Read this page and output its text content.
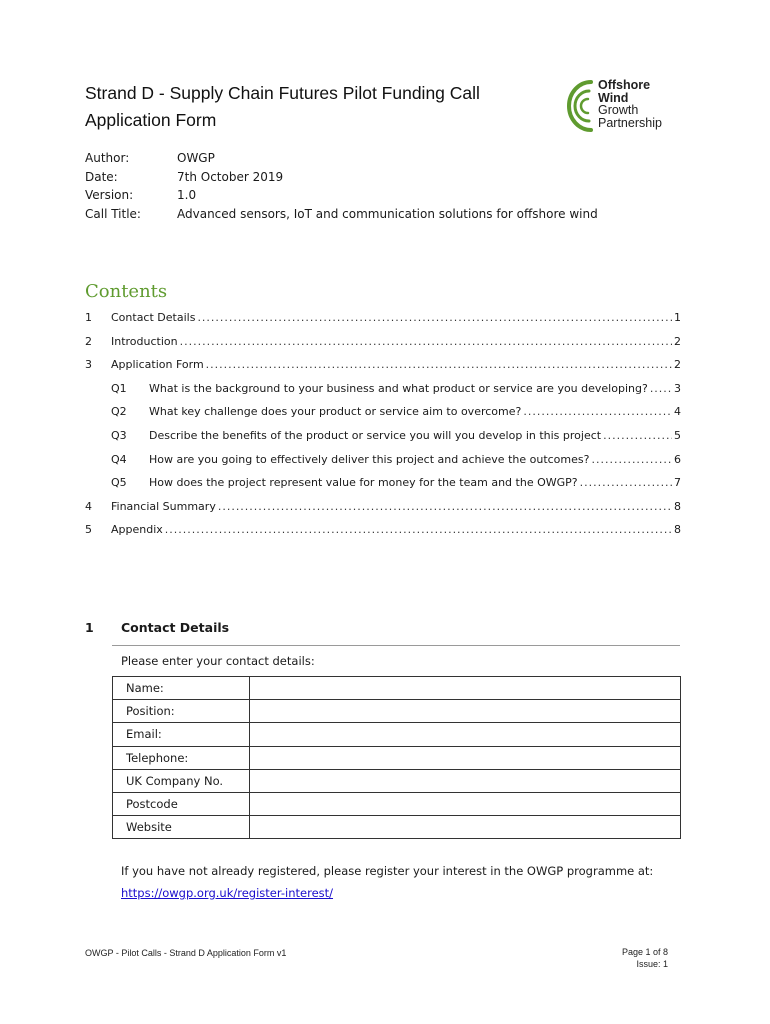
Strand D - Supply Chain Futures Pilot Funding Call
Application Form
Offshore
Wind
Growth
Partnership
Author:	OWGP
Date:	7th October 2019
Version:	1.0
Call Title:	Advanced sensors, IoT and communication solutions for offshore wind
Contents
1	Contact Details .....	1
2	Introduction .....	2
3	Application Form .....	2
Q1	What is the background to your business and what product or service are you developing? ..... 3
Q2	What key challenge does your product or service aim to overcome? .....	4
Q3	Describe the benefits of the product or service you will you develop in this project .....	5
Q4	How are you going to effectively deliver this project and achieve the outcomes? .....	6
Q5	How does the project represent value for money for the team and the OWGP? .....	7
4	Financial Summary .....	8
5	Appendix .....	8
1 Contact Details
Please enter your contact details:
Name:	
Position:	
Email:	
Telephone:	
UK Company No.	
Postcode	
Website	
If you have not already registered, please register your interest in the OWGP programme at:
https://owgp.org.uk/register-interest/
OWGP - Pilot Calls - Strand D Application Form v1	Page 1 of 8
Issue: 1
